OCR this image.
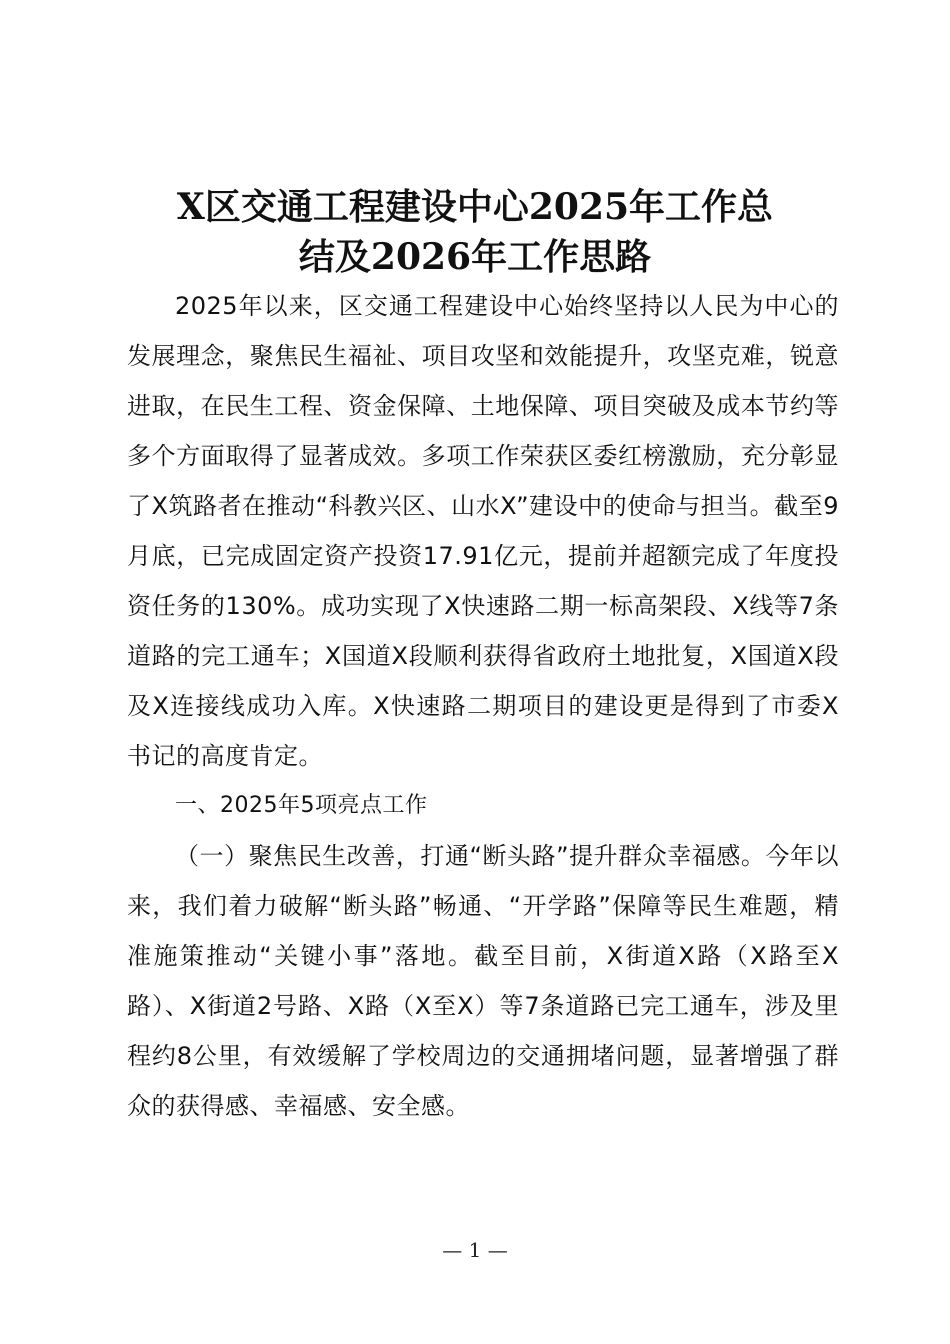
X区交通工程建设中心2025年工作总
结及2026年工作思路

2025年以来，区交通工程建设中心始终坚持以人民为中心的发展理念，聚焦民生福祉、项目攻坚和效能提升，攻坚克难，锐意进取，在民生工程、资金保障、土地保障、项目突破及成本节约等多个方面取得了显著成效。多项工作荣获区委红榜激励，充分彰显了X筑路者在推动“科教兴区、山水X”建设中的使命与担当。截至9月底，已完成固定资产投资17.91亿元，提前并超额完成了年度投资任务的130%。成功实现了X快速路二期一标高架段、X线等7条道路的完工通车；X国道X段顺利获得省政府土地批复，X国道X段及X连接线成功入库。X快速路二期项目的建设更是得到了市委X书记的高度肯定。

一、2025年5项亮点工作

（一）聚焦民生改善，打通“断头路”提升群众幸福感。今年以来，我们着力破解“断头路”畅通、“开学路”保障等民生难题，精准施策推动“关键小事”落地。截至目前，X街道X路（X路至X路）、X街道2号路、X路（X至X）等7条道路已完工通车，涉及里程约8公里，有效缓解了学校周边的交通拥堵问题，显著增强了群众的获得感、幸福感、安全感。

— 1 —
